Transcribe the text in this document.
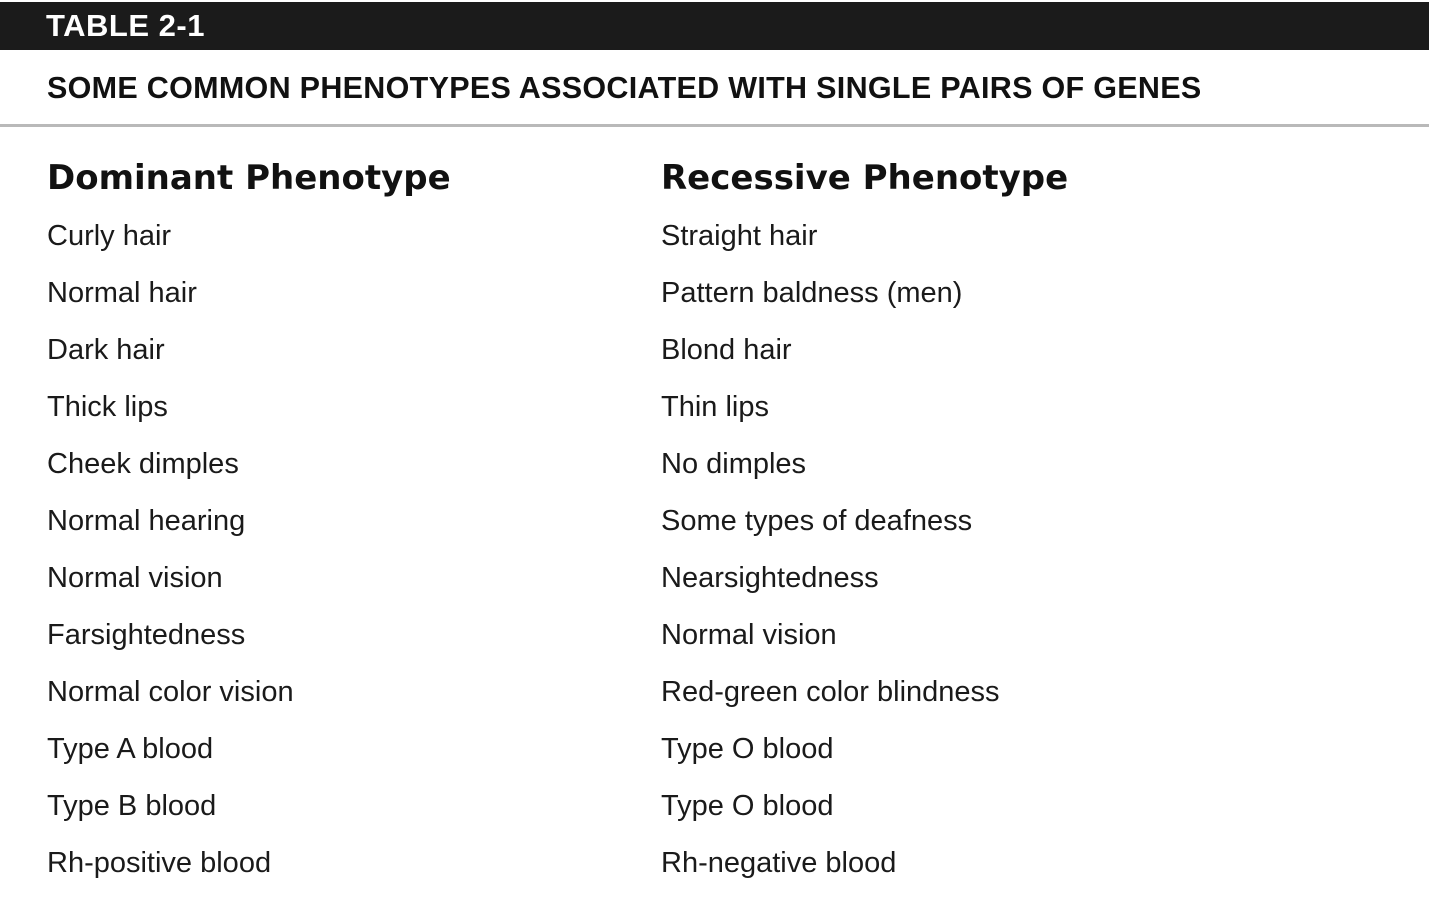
TABLE 2-1
SOME COMMON PHENOTYPES ASSOCIATED WITH SINGLE PAIRS OF GENES
Dominant Phenotype	Recessive Phenotype
Curly hair	Straight hair
Normal hair	Pattern baldness (men)
Dark hair	Blond hair
Thick lips	Thin lips
Cheek dimples	No dimples
Normal hearing	Some types of deafness
Normal vision	Nearsightedness
Farsightedness	Normal vision
Normal color vision	Red-green color blindness
Type A blood	Type O blood
Type B blood	Type O blood
Rh-positive blood	Rh-negative blood
